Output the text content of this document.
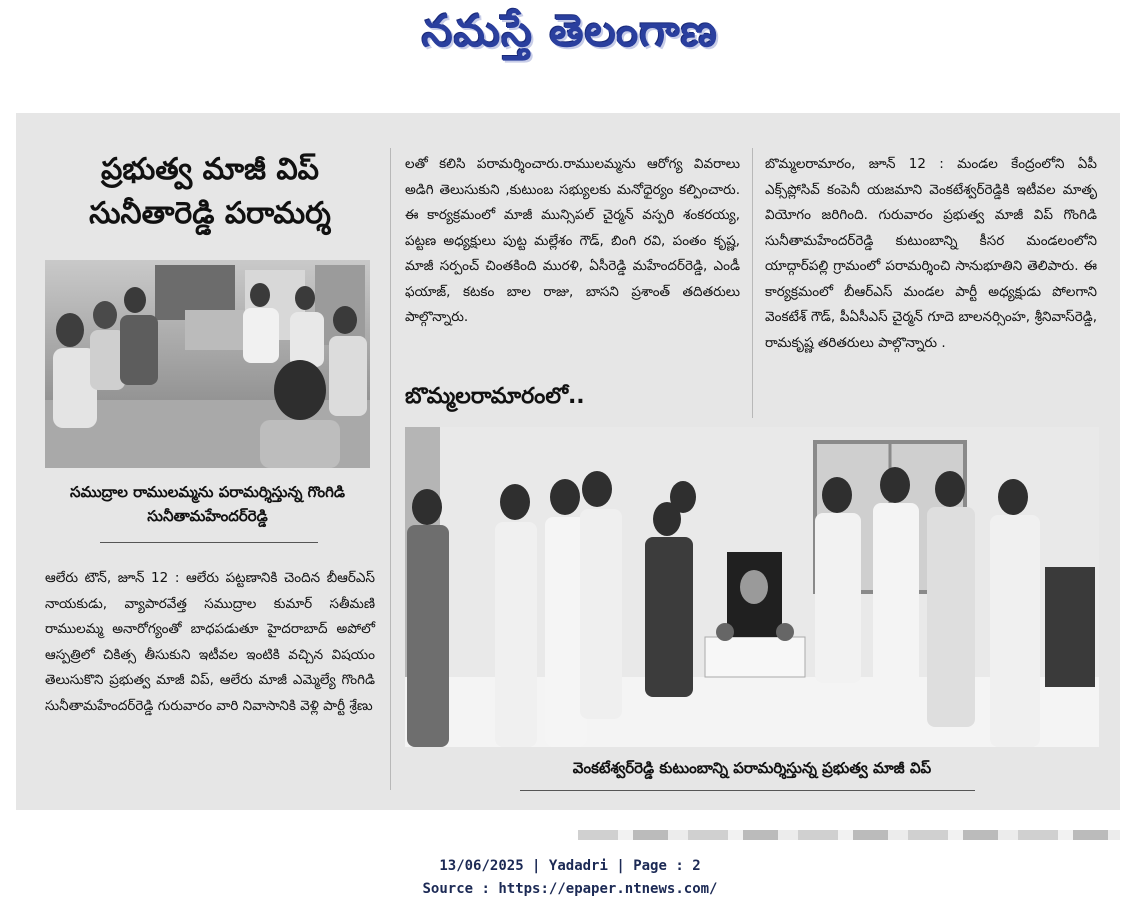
నమస్తే తెలంగాణ
ప్రభుత్వ మాజీ విప్ సునీతారెడ్డి పరామర్శ
సముద్రాల రాములమ్మను పరామర్శిస్తున్న గొంగిడి సునీతామహేందర్‌రెడ్డి
ఆలేరు టౌన్, జూన్ 12 : ఆలేరు పట్టణానికి చెందిన బీఆర్‌ఎస్ నాయకుడు, వ్యాపారవేత్త సముద్రాల కుమార్ సతీమణి రాములమ్మ అనారోగ్యంతో బాధపడుతూ హైదరాబాద్ అపోలో ఆస్పత్రిలో చికిత్స తీసుకుని ఇటీవల ఇంటికి వచ్చిన విషయం తెలుసుకొని ప్రభుత్వ మాజీ విప్, ఆలేరు మాజీ ఎమ్మెల్యే గొంగిడి సునీతామహేందర్‌రెడ్డి గురువారం వారి నివాసానికి వెళ్లి పార్టీ శ్రేణు
లతో కలిసి పరామర్శించారు.రాములమ్మను ఆరోగ్య వివరాలు అడిగి తెలుసుకుని ,కుటుంబ సభ్యులకు మనోధైర్యం కల్పించారు. ఈ కార్యక్రమంలో మాజీ మున్సిపల్ చైర్మన్ వస్పరి శంకరయ్య, పట్టణ అధ్యక్షులు పుట్ట మల్లేశం గౌడ్, బింగి రవి, పంతం కృష్ణ, మాజీ సర్పంచ్ చింతకింది మురళి, ఏసీరెడ్డి మహేందర్‌రెడ్డి, ఎండీ ఫయాజ్, కటకం బాల రాజు, బాసని ప్రశాంత్ తదితరులు పాల్గొన్నారు.
బొమ్మలరామారంలో..
బొమ్మలరామారం, జూన్ 12 : మండల కేంద్రంలోని ఏపీ ఎక్స్‌ప్లోసివ్ కంపెనీ యజమాని వెంకటేశ్వర్‌రెడ్డికి ఇటీవల మాతృ వియోగం జరిగింది. గురువారం ప్రభుత్వ మాజీ విప్ గొంగిడి సునీతామహేందర్‌రెడ్డి కుటుంబాన్ని కీసర మండలంలోని యాద్గార్‌పల్లి గ్రామంలో పరామర్శించి సానుభూతిని తెలిపారు. ఈ కార్యక్రమంలో బీఆర్‌ఎస్ మండల పార్టీ అధ్యక్షుడు పోలగాని వెంకటేశ్ గౌడ్, పీఏసీఎస్ చైర్మన్ గూదె బాలనర్సింహ, శ్రీనివాస్‌రెడ్డి, రామకృష్ణ తరితరులు పాల్గొన్నారు .
వెంకటేశ్వర్‌రెడ్డి కుటుంబాన్ని పరామర్శిస్తున్న ప్రభుత్వ మాజీ విప్
13/06/2025 | Yadadri | Page : 2
Source : https://epaper.ntnews.com/
